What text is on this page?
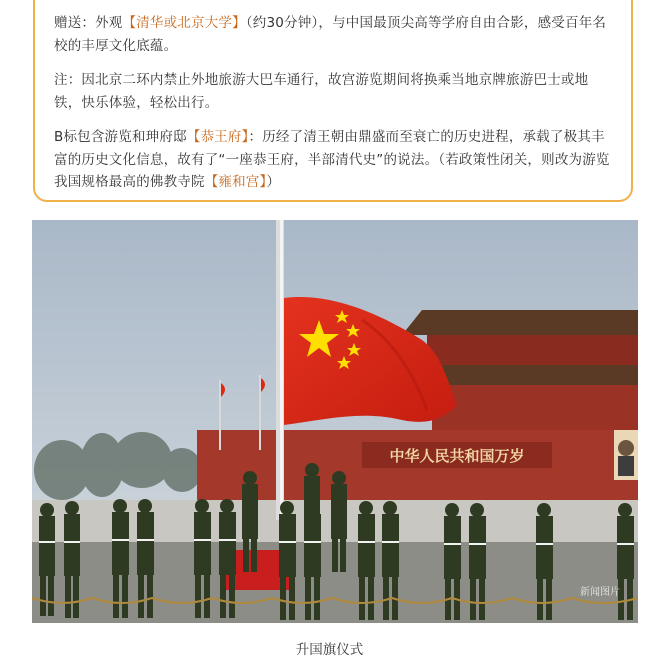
赠送：外观【清华或北京大学】（约30分钟），与中国最顶尖高等学府自由合影，感受百年名校的丰厚文化底蕴。

注：因北京二环内禁止外地旅游大巴车通行，故宫游览期间将换乘当地京牌旅游巴士或地铁，快乐体验，轻松出行。

B标包含游览和珅府邸【恭王府】：历经了清王朝由鼎盛而至衰亡的历史进程，承载了极其丰富的历史文化信息，故有了“一座恭王府，半部清代史”的说法。（若政策性闭关，则改为游览我国规格最高的佛教寺院【雍和宫】）

中华人民共和国万岁
新闻图片
升国旗仪式
